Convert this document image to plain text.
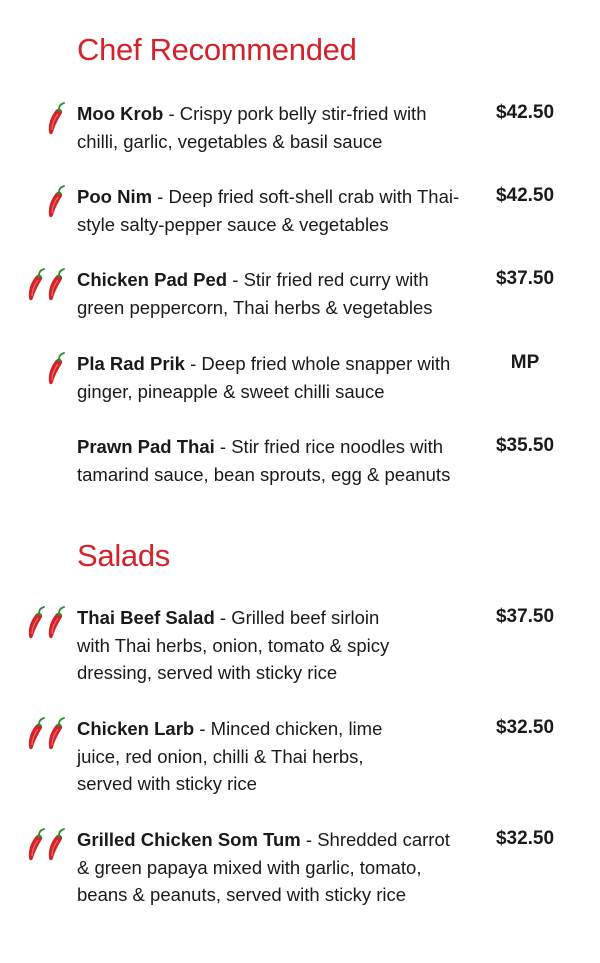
Chef Recommended

Moo Krob - Crispy pork belly stir-fried with chilli, garlic, vegetables & basil sauce

$42.50

Poo Nim - Deep fried soft-shell crab with Thai-style salty-pepper sauce & vegetables

$42.50

Chicken Pad Ped - Stir fried red curry with green peppercorn, Thai herbs & vegetables

$37.50

Pla Rad Prik - Deep fried whole snapper with ginger, pineapple & sweet chilli sauce

MP

Prawn Pad Thai - Stir fried rice noodles with tamarind sauce, bean sprouts, egg & peanuts

$35.50
Salads

Thai Beef Salad - Grilled beef sirloin with Thai herbs, onion, tomato & spicy dressing, served with sticky rice

$37.50

Chicken Larb - Minced chicken, lime juice, red onion, chilli & Thai herbs, served with sticky rice

$32.50

Grilled Chicken Som Tum - Shredded carrot & green papaya mixed with garlic, tomato, beans & peanuts, served with sticky rice

$32.50
